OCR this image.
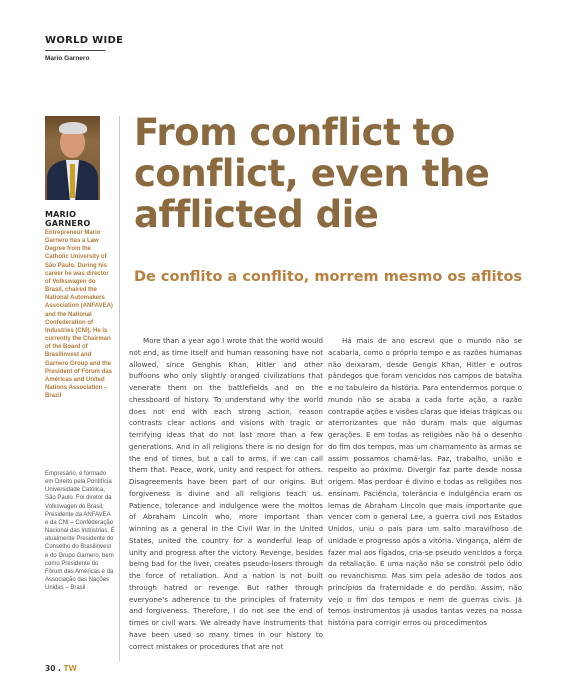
WORLD WIDE
Mario Garnero
MARIO
GARNERO
Entrepreneur Mario Garnero has a Law Degree from the Catholic University of São Paulo. During his career he was director of Volkswagen do Brasil, chaired the National Automakers Association (ANFAVEA) and the National Confederation of Industries (CNI). He is currently the Chairman of the Board of Brasilinvest and Garnero Group and the President of Fórum das Américas and United Nations Association – Brazil
Empresário, é formado em Direito pela Pontifícia Universidade Católica, São Paulo. Foi diretor da Volkswagen do Brasil, Presidente da ANFAVEA e da CNI – Confederação Nacional das Indústrias. É atualmente Presidente do Conselho do Brasilinvest e do Grupo Garnero, bem como Presidente do Fórum das Américas e da Associação das Nações Unidas – Brasil
From conflict to conflict, even the afflicted die
De conflito a conflito, morrem mesmo os aflitos
More than a year ago I wrote that the world would not end, as time itself and human reasoning have not allowed, since Genghis Khan, Hitler and other buffoons who only slightly oranged civilizations that venerate them on the battlefields and on the chessboard of history. To understand why the world does not end with each strong action, reason contrasts clear actions and visions with tragic or terrifying ideas that do not last more than a few generations. And in all religions there is no design for the end of times, but a call to arms, if we can call them that. Peace, work, unity and respect for others. Disagreements have been part of our origins. But forgiveness is divine and all religions teach us. Patience, tolerance and indulgence were the mottos of Abraham Lincoln who, more important than winning as a general in the Civil War in the United States, united the country for a wonderful leap of unity and progress after the victory. Revenge, besides being bad for the liver, creates pseudo-losers through the force of retaliation. And a nation is not built through hatred or revenge. But rather through everyone's adherence to the principles of fraternity and forgiveness. Therefore, I do not see the end of times or civil wars. We already have instruments that have been used so many times in our history to correct mistakes or procedures that are not
Há mais de ano escrevi que o mundo não se acabaria, como o próprio tempo e as razões humanas não deixaram, desde Gengis Khan, Hitler e outros pândegos que foram vencidos nos campos de batalha e no tabuleiro da história. Para entendermos porque o mundo não se acaba a cada forte ação, a razão contrapõe ações e visões claras que ideias trágicas ou aterrorizantes que não duram mais que algumas gerações. E em todas as religiões não há o desenho do fim dos tempos, mas um chamamento às armas se assim possamos chamá-las. Paz, trabalho, união e respeito ao próximo. Divergir faz parte desde nossa origem. Mas perdoar é divino e todas as religiões nos ensinam. Paciência, tolerância e indulgência eram os lemas de Abraham Lincoln que mais importante que vencer com o general Lee, a guerra civil nos Estados Unidos, uniu o país para um salto maravilhoso de unidade e progresso após a vitória. Vingança, além de fazer mal aos fígados, cria-se pseudo vencidos a força da retaliação. E uma nação não se constrói pelo ódio ou revanchismo. Mas sim pela adesão de todos aos princípios da fraternidade e do perdão. Assim, não vejo o fim dos tempos e nem de guerras civis. Já temos instrumentos já usados tantas vezes na nossa história para corrigir erros ou procedimentos
30 . TW
